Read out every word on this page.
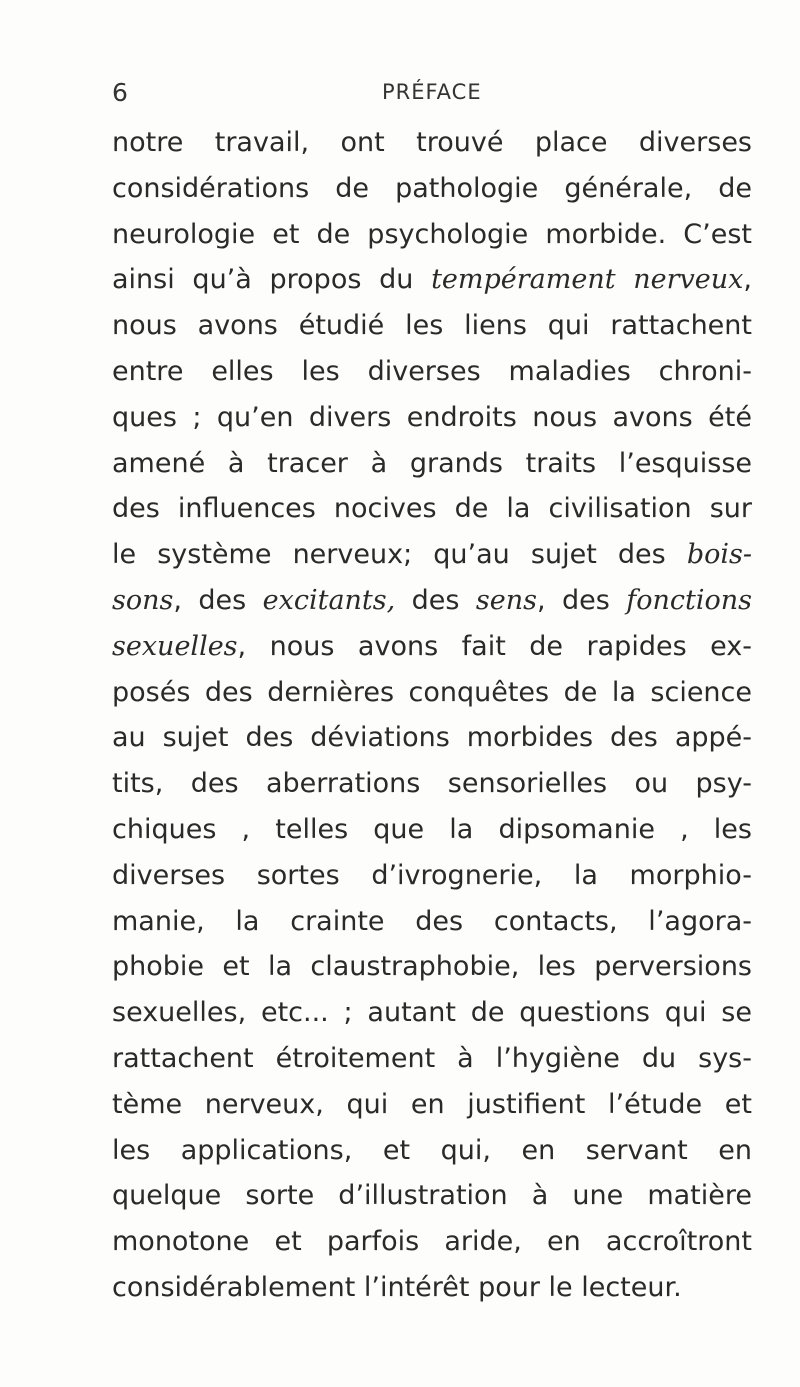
6	PRÉFACE
notre travail, ont trouvé place diverses
considérations de pathologie générale, de
neurologie et de psychologie morbide. C’est
ainsi qu’à propos du tempérament nerveux,
nous avons étudié les liens qui rattachent
entre elles les diverses maladies chroni-
ques ; qu’en divers endroits nous avons été
amené à tracer à grands traits l’esquisse
des influences nocives de la civilisation sur
le système nerveux; qu’au sujet des bois-
sons, des excitants, des sens, des fonctions
sexuelles, nous avons fait de rapides ex-
posés des dernières conquêtes de la science
au sujet des déviations morbides des appé-
tits, des aberrations sensorielles ou psy-
chiques , telles que la dipsomanie , les
diverses sortes d’ivrognerie, la morphio-
manie, la crainte des contacts, l’agora-
phobie et la claustraphobie, les perversions
sexuelles, etc... ; autant de questions qui se
rattachent étroitement à l’hygiène du sys-
tème nerveux, qui en justifient l’étude et
les applications, et qui, en servant en
quelque sorte d’illustration à une matière
monotone et parfois aride, en accroîtront
considérablement l’intérêt pour le lecteur.
